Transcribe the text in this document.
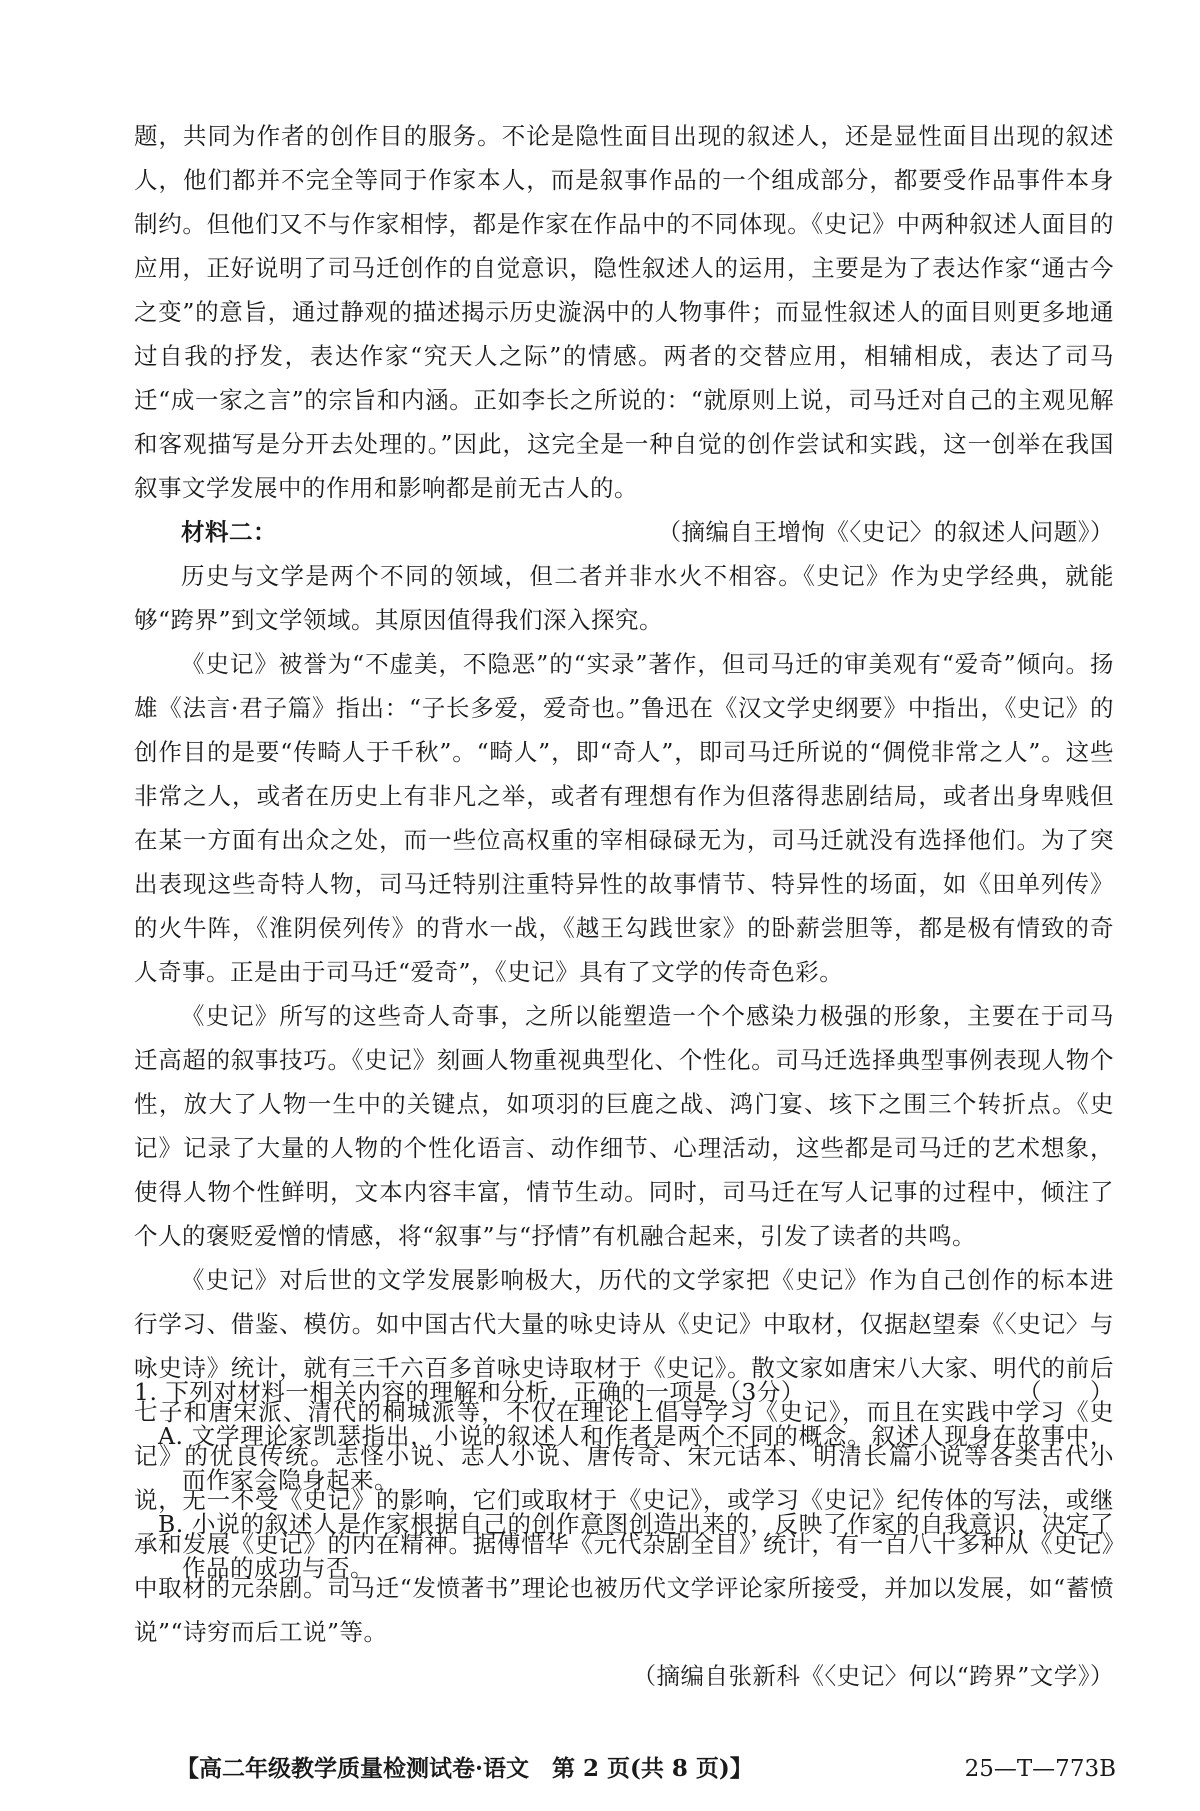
题，共同为作者的创作目的服务。不论是隐性面目出现的叙述人，还是显性面目出现的叙述人，他们都并不完全等同于作家本人，而是叙事作品的一个组成部分，都要受作品事件本身制约。但他们又不与作家相悖，都是作家在作品中的不同体现。《史记》中两种叙述人面目的应用，正好说明了司马迁创作的自觉意识，隐性叙述人的运用，主要是为了表达作家“通古今之变”的意旨，通过静观的描述揭示历史漩涡中的人物事件；而显性叙述人的面目则更多地通过自我的抒发，表达作家“究天人之际”的情感。两者的交替应用，相辅相成，表达了司马迁“成一家之言”的宗旨和内涵。正如李长之所说的：“就原则上说，司马迁对自己的主观见解和客观描写是分开去处理的。”因此，这完全是一种自觉的创作尝试和实践，这一创举在我国叙事文学发展中的作用和影响都是前无古人的。

（摘编自王增恂《〈史记〉的叙述人问题》）

材料二：

历史与文学是两个不同的领域，但二者并非水火不相容。《史记》作为史学经典，就能够“跨界”到文学领域。其原因值得我们深入探究。

《史记》被誉为“不虚美，不隐恶”的“实录”著作，但司马迁的审美观有“爱奇”倾向。扬雄《法言·君子篇》指出：“子长多爱，爱奇也。”鲁迅在《汉文学史纲要》中指出，《史记》的创作目的是要“传畸人于千秋”。“畸人”，即“奇人”，即司马迁所说的“倜傥非常之人”。这些非常之人，或者在历史上有非凡之举，或者有理想有作为但落得悲剧结局，或者出身卑贱但在某一方面有出众之处，而一些位高权重的宰相碌碌无为，司马迁就没有选择他们。为了突出表现这些奇特人物，司马迁特别注重特异性的故事情节、特异性的场面，如《田单列传》的火牛阵，《淮阴侯列传》的背水一战，《越王勾践世家》的卧薪尝胆等，都是极有情致的奇人奇事。正是由于司马迁“爱奇”，《史记》具有了文学的传奇色彩。

《史记》所写的这些奇人奇事，之所以能塑造一个个感染力极强的形象，主要在于司马迁高超的叙事技巧。《史记》刻画人物重视典型化、个性化。司马迁选择典型事例表现人物个性，放大了人物一生中的关键点，如项羽的巨鹿之战、鸿门宴、垓下之围三个转折点。《史记》记录了大量的人物的个性化语言、动作细节、心理活动，这些都是司马迁的艺术想象，使得人物个性鲜明，文本内容丰富，情节生动。同时，司马迁在写人记事的过程中，倾注了个人的褒贬爱憎的情感，将“叙事”与“抒情”有机融合起来，引发了读者的共鸣。

《史记》对后世的文学发展影响极大，历代的文学家把《史记》作为自己创作的标本进行学习、借鉴、模仿。如中国古代大量的咏史诗从《史记》中取材，仅据赵望秦《〈史记〉与咏史诗》统计，就有三千六百多首咏史诗取材于《史记》。散文家如唐宋八大家、明代的前后七子和唐宋派、清代的桐城派等，不仅在理论上倡导学习《史记》，而且在实践中学习《史记》的优良传统。志怪小说、志人小说、唐传奇、宋元话本、明清长篇小说等各类古代小说，无一不受《史记》的影响，它们或取材于《史记》，或学习《史记》纪传体的写法，或继承和发展《史记》的内在精神。据傅惜华《元代杂剧全目》统计，有一百八十多种从《史记》中取材的元杂剧。司马迁“发愤著书”理论也被历代文学评论家所接受，并加以发展，如“蓄愤说”“诗穷而后工说”等。

（摘编自张新科《〈史记〉何以“跨界”文学》）

1. 下列对材料一相关内容的理解和分析，正确的一项是（3分）	（　　）

A. 文学理论家凯瑟指出，小说的叙述人和作者是两个不同的概念。叙述人现身在故事中，而作家会隐身起来。

B. 小说的叙述人是作家根据自己的创作意图创造出来的，反映了作家的自我意识，决定了作品的成功与否。

【高二年级教学质量检测试卷·语文　第 2 页(共 8 页)】	25—T—773B
